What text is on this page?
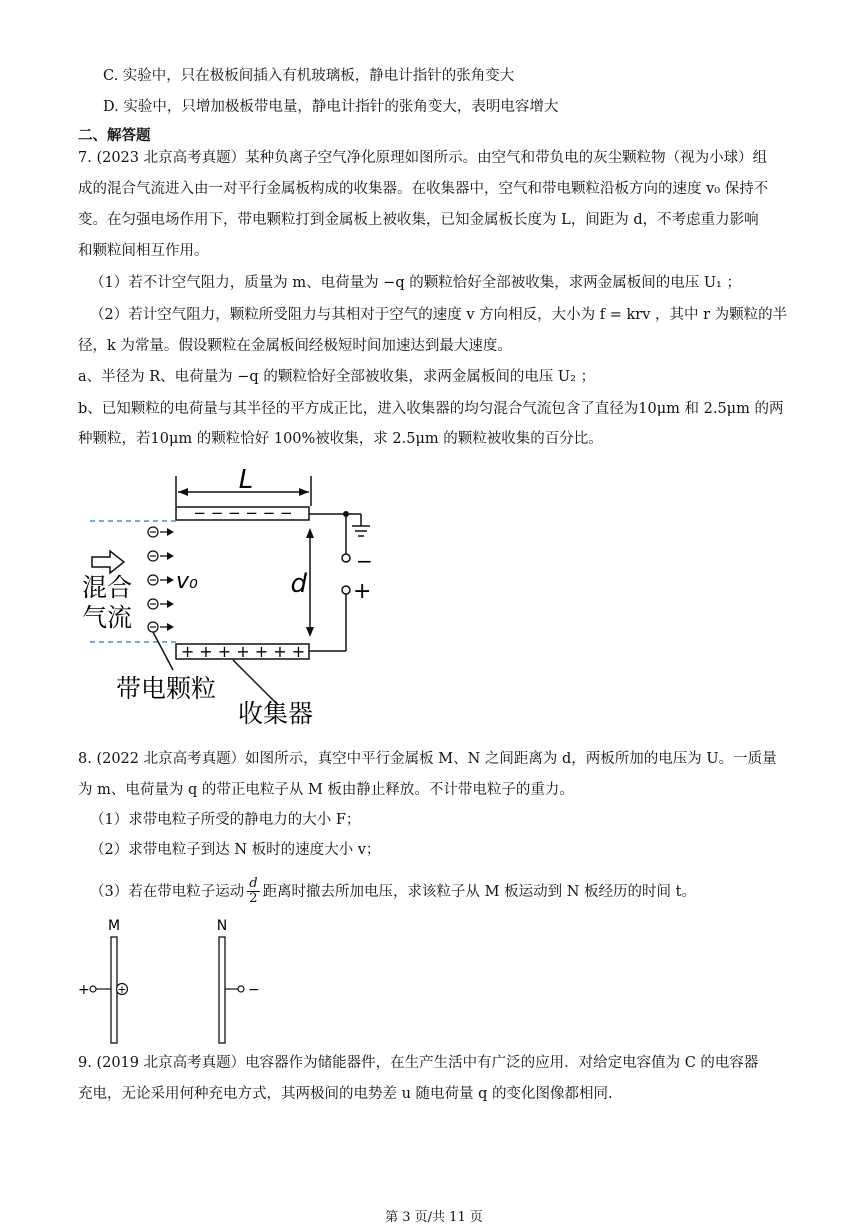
C. 实验中，只在极板间插入有机玻璃板，静电计指针的张角变大
D. 实验中，只增加极板带电量，静电计指针的张角变大，表明电容增大
二、解答题
7. (2023 北京高考真题）某种负离子空气净化原理如图所示。由空气和带负电的灰尘颗粒物（视为小球）组
成的混合气流进入由一对平行金属板构成的收集器。在收集器中，空气和带电颗粒沿板方向的速度 v₀ 保持不
变。在匀强电场作用下，带电颗粒打到金属板上被收集，已知金属板长度为 L，间距为 d，不考虑重力影响
和颗粒间相互作用。
（1）若不计空气阻力，质量为 m、电荷量为 −q 的颗粒恰好全部被收集，求两金属板间的电压 U₁ ；
（2）若计空气阻力，颗粒所受阻力与其相对于空气的速度 v 方向相反，大小为 f = krv ，其中 r 为颗粒的半
径，k 为常量。假设颗粒在金属板间经极短时间加速达到最大速度。
a、半径为 R、电荷量为 −q 的颗粒恰好全部被收集，求两金属板间的电压 U₂ ；
b、已知颗粒的电荷量与其半径的平方成正比，进入收集器的均匀混合气流包含了直径为10μm 和 2.5μm 的两
种颗粒，若10μm 的颗粒恰好 100%被收集，求 2.5μm 的颗粒被收集的百分比。
L
− − − − − −
+ + + + + + +
d
−
+
v₀
混合
气流
带电颗粒
收集器
8. (2022 北京高考真题）如图所示，真空中平行金属板 M、N 之间距离为 d，两板所加的电压为 U。一质量
为 m、电荷量为 q 的带正电粒子从 M 板由静止释放。不计带电粒子的重力。
（1）求带电粒子所受的静电力的大小 F；
（2）求带电粒子到达 N 板时的速度大小 v；
（3）若在带电粒子运动 $\frac{d}{2}$ 距离时撤去所加电压，求该粒子从 M 板运动到 N 板经历的时间 t。
M	N
+	+	−
9. (2019 北京高考真题）电容器作为储能器件，在生产生活中有广泛的应用．对给定电容值为 C 的电容器
充电，无论采用何种充电方式，其两极间的电势差 u 随电荷量 q 的变化图像都相同.
第 3 页/共 11 页
